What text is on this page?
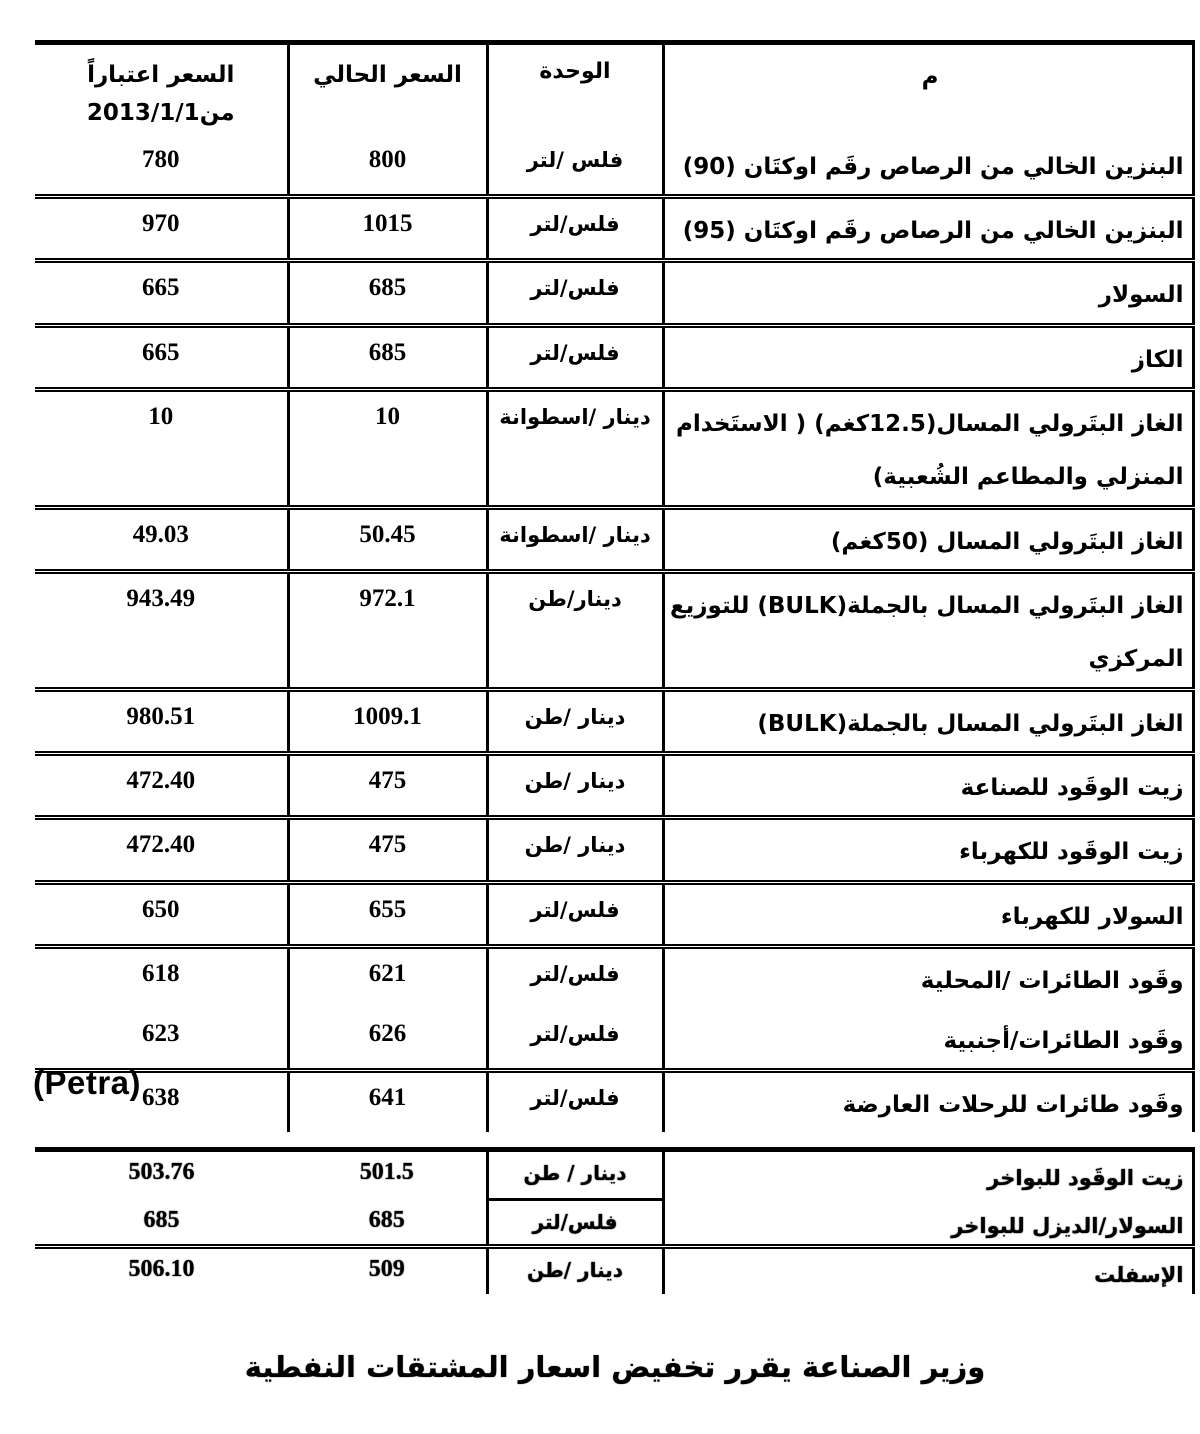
م	الوحدة	السعر الحالي	السعر اعتباراً
من2013/1/1

البنزين الخالي من الرصاص رقَم اوكتَان (90)	فلس /لتر	800	780
البنزين الخالي من الرصاص رقَم اوكتَان (95)	فلس/لتر	1015	970
السولار	فلس/لتر	685	665
الكاز	فلس/لتر	685	665
الغاز البتَرولي المسال(12.5كغم) ( الاستَخدام المنزلي والمطاعم الشُعبية)	دينار /اسطوانة	10	10
الغاز البتَرولي المسال (50كغم)	دينار /اسطوانة	50.45	49.03
الغاز البتَرولي المسال بالجملة(BULK) للتوزيع المركزي	دينار/طن	972.1	943.49
الغاز البتَرولي المسال بالجملة(BULK)	دينار /طن	1009.1	980.51
زيت الوقَود للصناعة	دينار /طن	475	472.40
زيت الوقَود للكهرباء	دينار /طن	475	472.40
السولار للكهرباء	فلس/لتر	655	650
وقَود الطائرات /المحلية	فلس/لتر	621	618
وقَود الطائرات/أجنبية	فلس/لتر	626	623
وقَود طائرات للرحلات العارضة	فلس/لتر	641	638
(Petra)
زيت الوقَود للبواخر	دينار / طن	501.5	503.76
السولار/الديزل للبواخر	فلس/لتر	685	685
الإسفلت	دينار /طن	509	506.10
وزير الصناعة يقرر تخفيض اسعار المشتقات النفطية
